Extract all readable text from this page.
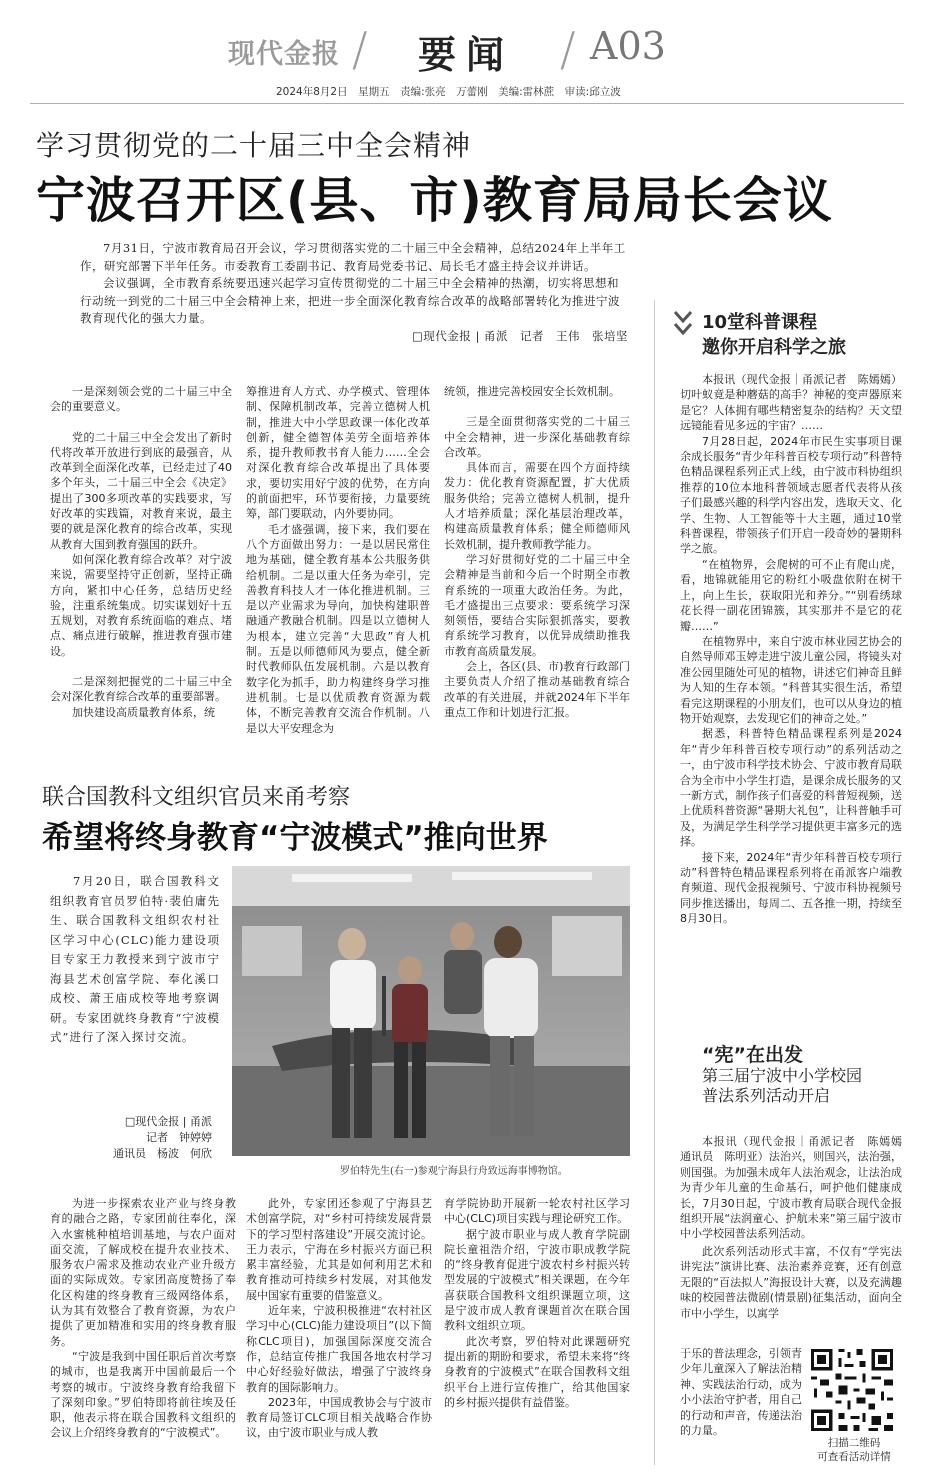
现代金报 / 要闻 / A03
2024年8月2日　星期五　责编:张亮　万蕾刚　美编:雷林蔗　审读:邱立波
学习贯彻党的二十届三中全会精神
宁波召开区(县、市)教育局局长会议

7月31日，宁波市教育局召开会议，学习贯彻落实党的二十届三中全会精神，总结2024年上半年工作，研究部署下半年任务。市委教育工委副书记、教育局党委书记、局长毛才盛主持会议并讲话。

会议强调，全市教育系统要迅速兴起学习宣传贯彻党的二十届三中全会精神的热潮，切实将思想和行动统一到党的二十届三中全会精神上来，把进一步全面深化教育综合改革的战略部署转化为推进宁波教育现代化的强大力量。

□现代金报 | 甬派　记者　王伟　张培坚

一是深刻领会党的二十届三中全会的重要意义。

党的二十届三中全会发出了新时代将改革开放进行到底的最强音，从改革到全面深化改革，已经走过了40多个年头，二十届三中全会《决定》提出了300多项改革的实践要求，写好改革的实践篇，对教育来说，最主要的就是深化教育的综合改革，实现从教育大国到教育强国的跃升。

如何深化教育综合改革？对宁波来说，需要坚持守正创新，坚持正确方向，紧扣中心任务，总结历史经验，注重系统集成。切实谋划好十五五规划，对教育系统面临的难点、堵点、痛点进行破解，推进教育强市建设。

二是深刻把握党的二十届三中全会对深化教育综合改革的重要部署。

加快建设高质量教育体系，统

筹推进育人方式、办学模式、管理体制、保障机制改革，完善立德树人机制，推进大中小学思政课一体化改革创新，健全德智体美劳全面培养体系，提升教师教书育人能力……全会对深化教育综合改革提出了具体要求，要切实用好宁波的优势，在方向的前面把牢，环节要衔接，力量要统筹，部门要联动，内外要协同。

毛才盛强调，接下来，我们要在八个方面做出努力：一是以居民常住地为基础，健全教育基本公共服务供给机制。二是以重大任务为牵引，完善教育科技人才一体化推进机制。三是以产业需求为导向，加快构建职普融通产教融合机制。四是以立德树人为根本，建立完善“大思政”育人机制。五是以师德师风为要点，健全新时代教师队伍发展机制。六是以教育数字化为抓手，助力构建终身学习推进机制。七是以优质教育资源为载体，不断完善教育交流合作机制。八是以大平安理念为

统领，推进完善校园安全长效机制。

三是全面贯彻落实党的二十届三中全会精神，进一步深化基础教育综合改革。

具体而言，需要在四个方面持续发力：优化教育资源配置，扩大优质服务供给；完善立德树人机制，提升人才培养质量；深化基层治理改革，构建高质量教育体系；健全师德师风长效机制，提升教师教学能力。

学习好贯彻好党的二十届三中全会精神是当前和今后一个时期全市教育系统的一项重大政治任务。为此，毛才盛提出三点要求：要系统学习深刻领悟，要结合实际狠抓落实，要教育系统学习教育，以优异成绩助推我市教育高质量发展。

会上，各区(县、市)教育行政部门主要负责人介绍了推动基础教育综合改革的有关进展，并就2024年下半年重点工作和计划进行汇报。

10堂科普课程
邀你开启科学之旅

本报讯（现代金报｜甬派记者　陈嫣嫣）切叶蚁竟是种蘑菇的高手？神秘的变声器原来是它？人体拥有哪些精密复杂的结构？天文望远镜能看见多远的宇宙？……

7月28日起，2024年市民生实事项目课余成长服务“青少年科普百校专项行动”科普特色精品课程系列正式上线，由宁波市科协组织推荐的10位本地科普领域志愿者代表将从孩子们最感兴趣的科学内容出发，选取天文、化学、生物、人工智能等十大主题，通过10堂科普课程，带领孩子们开启一段奇妙的暑期科学之旅。

“在植物界，会爬树的可不止有爬山虎，看，地锦就能用它的粉红小吸盘依附在树干上，向上生长，获取阳光和养分。”“别看绣球花长得一副花团锦簇，其实那并不是它的花瓣……”

在植物界中，来自宁波市林业园艺协会的自然导师邓玉婷走进宁波儿童公园，将镜头对准公园里随处可见的植物，讲述它们神奇且鲜为人知的生存本领。“科普其实很生活，希望看完这期课程的小朋友们，也可以从身边的植物开始观察，去发现它们的神奇之处。”

据悉，科普特色精品课程系列是2024年“青少年科普百校专项行动”的系列活动之一，由宁波市科学技术协会、宁波市教育局联合为全市中小学生打造，是课余成长服务的又一新方式，制作孩子们喜爱的科普短视频，送上优质科普资源“暑期大礼包”，让科普触手可及，为满足学生科学学习提供更丰富多元的选择。

接下来，2024年“青少年科普百校专项行动”科普特色精品课程系列将在甬派客户端教育频道、现代金报视频号、宁波市科协视频号同步推送播出，每周二、五各推一期，持续至8月30日。

联合国教科文组织官员来甬考察
希望将终身教育“宁波模式”推向世界

7月20日，联合国教科文组织教育官员罗伯特·裴伯庸先生、联合国教科文组织农村社区学习中心(CLC)能力建设项目专家王力教授来到宁波市宁海县艺术创富学院、奉化溪口成校、萧王庙成校等地考察调研。专家团就终身教育“宁波模式”进行了深入探讨交流。

□现代金报 | 甬派
记者　钟婷婷
通讯员　杨波　何欣
罗伯特先生(右一)参观宁海县行舟致远海事博物馆。

为进一步探索农业产业与终身教育的融合之路，专家团前往奉化，深入水蜜桃种植培训基地，与农户面对面交流，了解成校在提升农业技术、服务农户需求及推动农业产业升级方面的实际成效。专家团高度赞扬了奉化区构建的终身教育三级网络体系，认为其有效整合了教育资源，为农户提供了更加精准和实用的终身教育服务。

“宁波是我到中国任职后首次考察的城市，也是我离开中国前最后一个考察的城市。宁波终身教育给我留下了深刻印象。”罗伯特即将前往埃及任职，他表示将在联合国教科文组织的会议上介绍终身教育的“宁波模式”。

此外，专家团还参观了宁海县艺术创富学院，对“乡村可持续发展背景下的学习型村落建设”开展交流讨论。王力表示，宁海在乡村振兴方面已积累丰富经验，尤其是如何利用艺术和教育推动可持续乡村发展，对其他发展中国家有重要的借鉴意义。

近年来，宁波积极推进“农村社区学习中心(CLC)能力建设项目”(以下简称CLC项目)，加强国际深度交流合作，总结宣传推广我国各地农村学习中心好经验好做法，增强了宁波终身教育的国际影响力。

2023年，中国成教协会与宁波市教育局签订CLC项目相关战略合作协议，由宁波市职业与成人教

育学院协助开展新一轮农村社区学习中心(CLC)项目实践与理论研究工作。

据宁波市职业与成人教育学院副院长童祖浩介绍，宁波市职成教学院的“终身教育促进宁波农村乡村振兴转型发展的宁波模式”相关课题，在今年喜获联合国教科文组织课题立项，这是宁波市成人教育课题首次在联合国教科文组织立项。

此次考察，罗伯特对此课题研究提出新的期盼和要求，希望未来将“终身教育的宁波模式”在联合国教科文组织平台上进行宣传推广，给其他国家的乡村振兴提供有益借鉴。

“宪”在出发
第三届宁波中小学校园
普法系列活动开启

本报讯（现代金报｜甬派记者　陈嫣嫣　通讯员　陈明亚）法治兴，则国兴，法治强，则国强。为加强未成年人法治观念，让法治成为青少年儿童的生命基石，呵护他们健康成长，7月30日起，宁波市教育局联合现代金报组织开展“法润童心、护航未来”第三届宁波市中小学校园普法系列活动。

此次系列活动形式丰富，不仅有“学宪法　讲宪法”演讲比赛、法治素养竞赛，还有创意无限的“百法拟人”海报设计大赛，以及充满趣味的校园普法微剧(情景剧)征集活动，面向全市中小学生，以寓学

于乐的普法理念，引领青少年儿童深入了解法治精神、实践法治行动，成为小小法治守护者，用自己的行动和声音，传递法治的力量。
扫描二维码
可查看活动详情
